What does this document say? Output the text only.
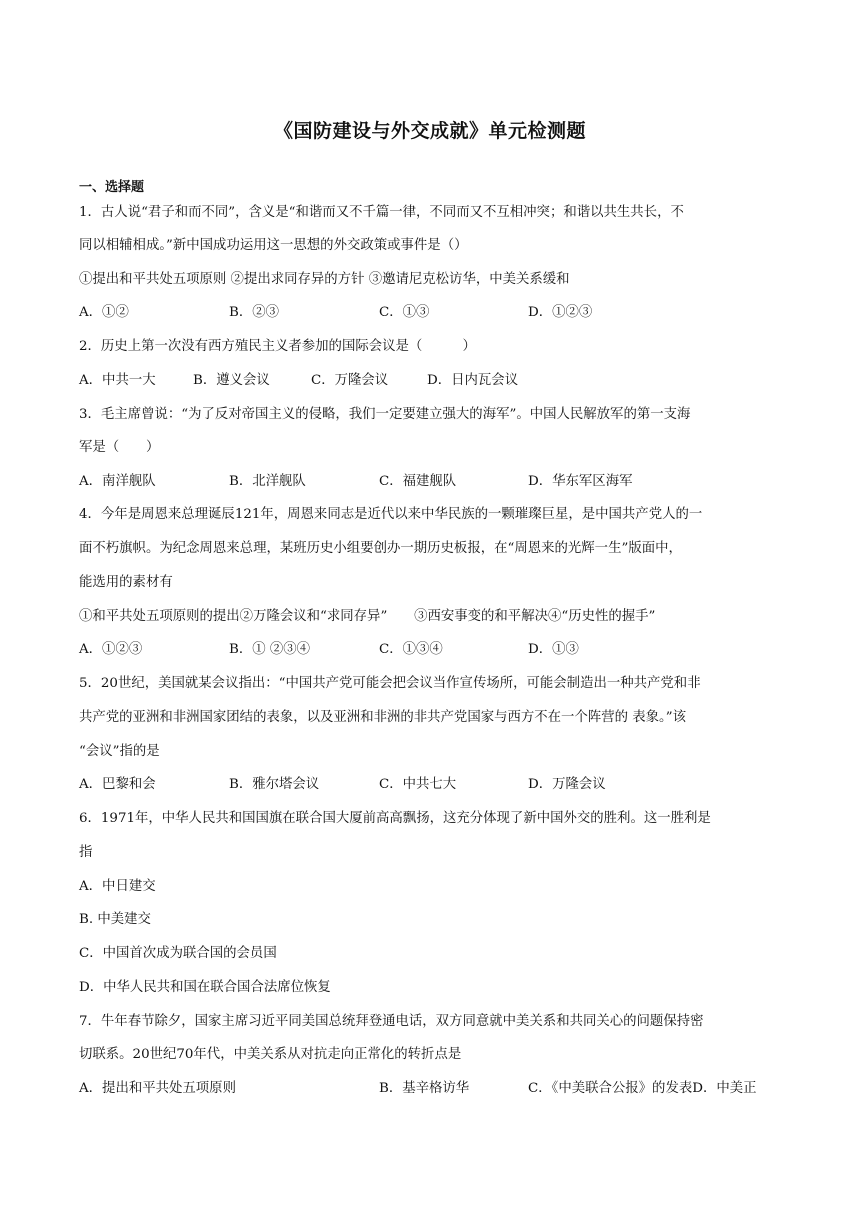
《国防建设与外交成就》单元检测题
一、选择题
1．古人说“君子和而不同”，含义是“和谐而又不千篇一律，不同而又不互相冲突；和谐以共生共长，不
同以相辅相成。”新中国成功运用这一思想的外交政策或事件是（）
①提出和平共处五项原则 ②提出求同存异的方针 ③邀请尼克松访华，中美关系缓和
A．①②	B．②③	C．①③	D．①②③
2．历史上第一次没有西方殖民主义者参加的国际会议是（　　　）
A．中共一大	B．遵义会议	C．万隆会议	D．日内瓦会议
3．毛主席曾说：“为了反对帝国主义的侵略，我们一定要建立强大的海军”。中国人民解放军的第一支海
军是（　　）
A．南洋舰队	B．北洋舰队	C．福建舰队	D．华东军区海军
4．今年是周恩来总理诞辰121年，周恩来同志是近代以来中华民族的一颗璀璨巨星，是中国共产党人的一
面不朽旗帜。为纪念周恩来总理，某班历史小组要创办一期历史板报，在“周恩来的光辉一生”版面中，
能选用的素材有
①和平共处五项原则的提出②万隆会议和“求同存异”　　③西安事变的和平解决④“历史性的握手”
A．①②③	B．① ②③④	C．①③④	D．①③
5．20世纪，美国就某会议指出：“中国共产党可能会把会议当作宣传场所，可能会制造出一种共产党和非
共产党的亚洲和非洲国家团结的表象，以及亚洲和非洲的非共产党国家与西方不在一个阵营的 表象。”该
“会议”指的是
A．巴黎和会	B．雅尔塔会议	C．中共七大	D．万隆会议
6．1971年，中华人民共和国国旗在联合国大厦前高高飘扬，这充分体现了新中国外交的胜利。这一胜利是
指
A．中日建交
B. 中美建交
C．中国首次成为联合国的会员国
D．中华人民共和国在联合国合法席位恢复
7．牛年春节除夕，国家主席习近平同美国总统拜登通电话，双方同意就中美关系和共同关心的问题保持密
切联系。20世纪70年代，中美关系从对抗走向正常化的转折点是
A．提出和平共处五项原则	B．基辛格访华	C．《中美联合公报》的发表D．中美正
